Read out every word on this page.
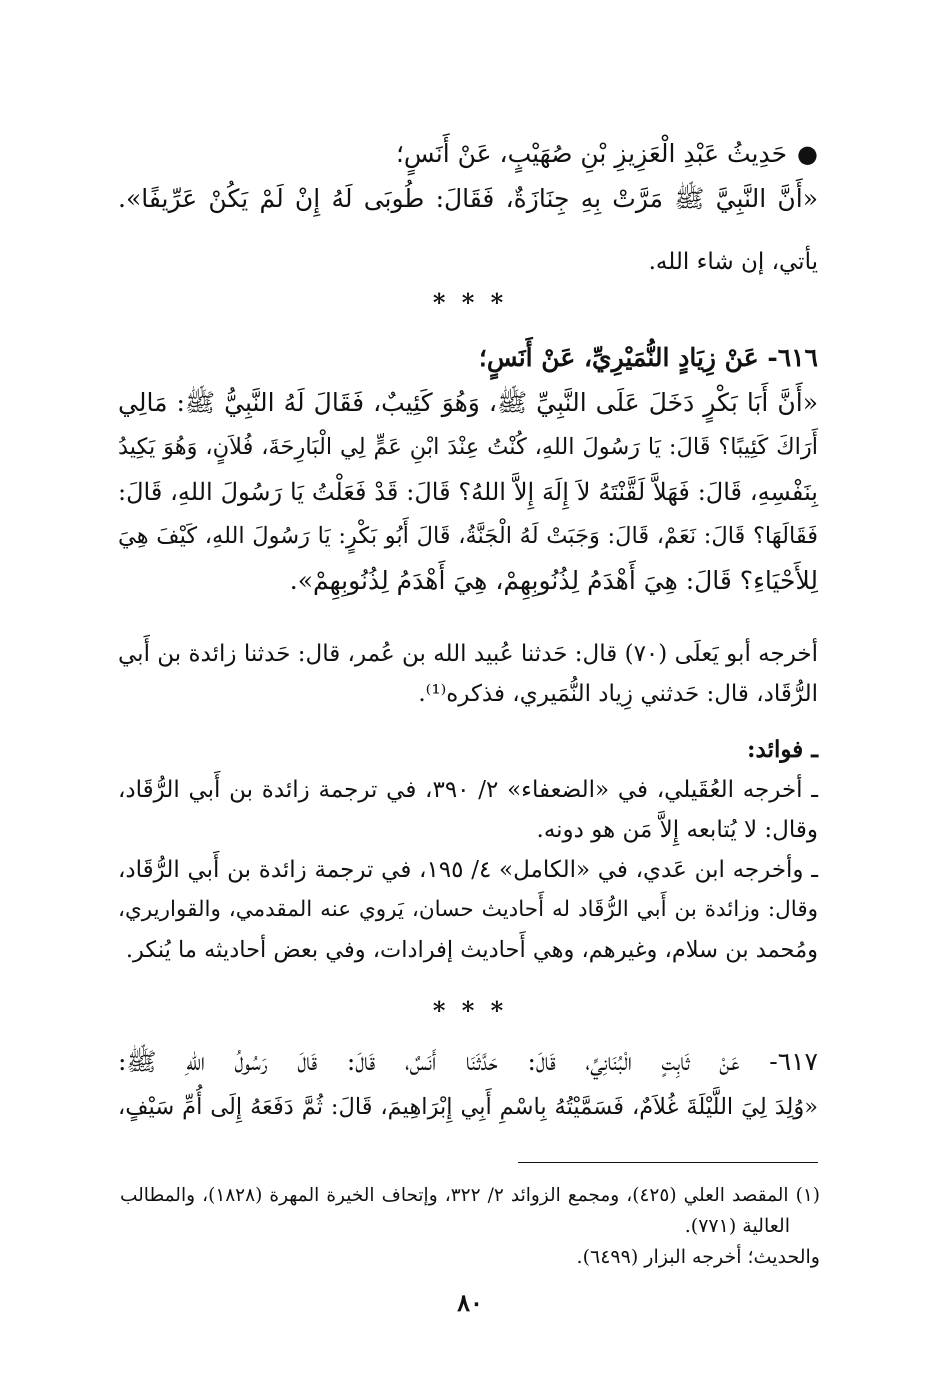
●حَدِيثُ عَبْدِ الْعَزِيزِ بْنِ صُهَيْبٍ، عَنْ أَنَسٍ؛
«أَنَّ النَّبِيَّ ﷺ مَرَّتْ بِهِ جِنَازَةٌ، فَقَالَ: طُوبَى لَهُ إِنْ لَمْ يَكُنْ عَرِّيفًا».
يأتي، إن شاء الله.
* * *
٦١٦- عَنْ زِيَادٍ النُّمَيْرِيِّ، عَنْ أَنَسٍ؛
«أَنَّ أَبَا بَكْرٍ دَخَلَ عَلَى النَّبِيِّ ﷺ، وَهُوَ كَئِيبٌ، فَقَالَ لَهُ النَّبِيُّ ﷺ: مَالِي
أَرَاكَ كَئِيبًا؟ قَالَ: يَا رَسُولَ اللهِ، كُنْتُ عِنْدَ ابْنِ عَمٍّ لِي الْبَارِحَةَ، فُلاَنٍ، وَهُوَ يَكِيدُ
بِنَفْسِهِ، قَالَ: فَهَلاَّ لَقَّنْتَهُ لاَ إِلَهَ إِلاَّ اللهُ؟ قَالَ: قَدْ فَعَلْتُ يَا رَسُولَ اللهِ، قَالَ:
فَقَالَهَا؟ قَالَ: نَعَمْ، قَالَ: وَجَبَتْ لَهُ الْجَنَّةُ، قَالَ أَبُو بَكْرٍ: يَا رَسُولَ اللهِ، كَيْفَ هِيَ
لِلأَحْيَاءِ؟ قَالَ: هِيَ أَهْدَمُ لِذُنُوبِهِمْ، هِيَ أَهْدَمُ لِذُنُوبِهِمْ».
أخرجه أبو يَعلَى (٧٠) قال: حَدثنا عُبيد الله بن عُمر، قال: حَدثنا زائدة بن أَبي
الرُّقَاد، قال: حَدثني زِياد النُّمَيري، فذكره⁽¹⁾.
ـ فوائد:
ـ أخرجه العُقَيلي، في «الضعفاء» ٢/ ٣٩٠، في ترجمة زائدة بن أَبي الرُّقَاد،
وقال: لا يُتابعه إِلاَّ مَن هو دونه.
ـ وأخرجه ابن عَدي، في «الكامل» ٤/ ١٩٥، في ترجمة زائدة بن أَبي الرُّقَاد،
وقال: وزائدة بن أَبي الرُّقَاد له أَحاديث حسان، يَروي عنه المقدمي، والقواريري،
ومُحمد بن سلام، وغيرهم، وهي أَحاديث إفرادات، وفي بعض أحاديثه ما يُنكر.
* * *
٦١٧- عَنْ ثَابِتٍ الْبُنَانِيِّ، قَالَ: حَدَّثَنَا أَنَسٌ، قَالَ: قَالَ رَسُولُ اللهِ ﷺ:
«وُلِدَ لِيَ اللَّيْلَةَ غُلاَمٌ، فَسَمَّيْتُهُ بِاسْمِ أَبِي إِبْرَاهِيمَ، قَالَ: ثُمَّ دَفَعَهُ إِلَى أُمِّ سَيْفٍ،
(١) المقصد العلي (٤٢٥)، ومجمع الزوائد ٢/ ٣٢٢، وإتحاف الخيرة المهرة (١٨٢٨)، والمطالب
العالية (٧٧١).
والحديث؛ أخرجه البزار (٦٤٩٩).
٨٠
